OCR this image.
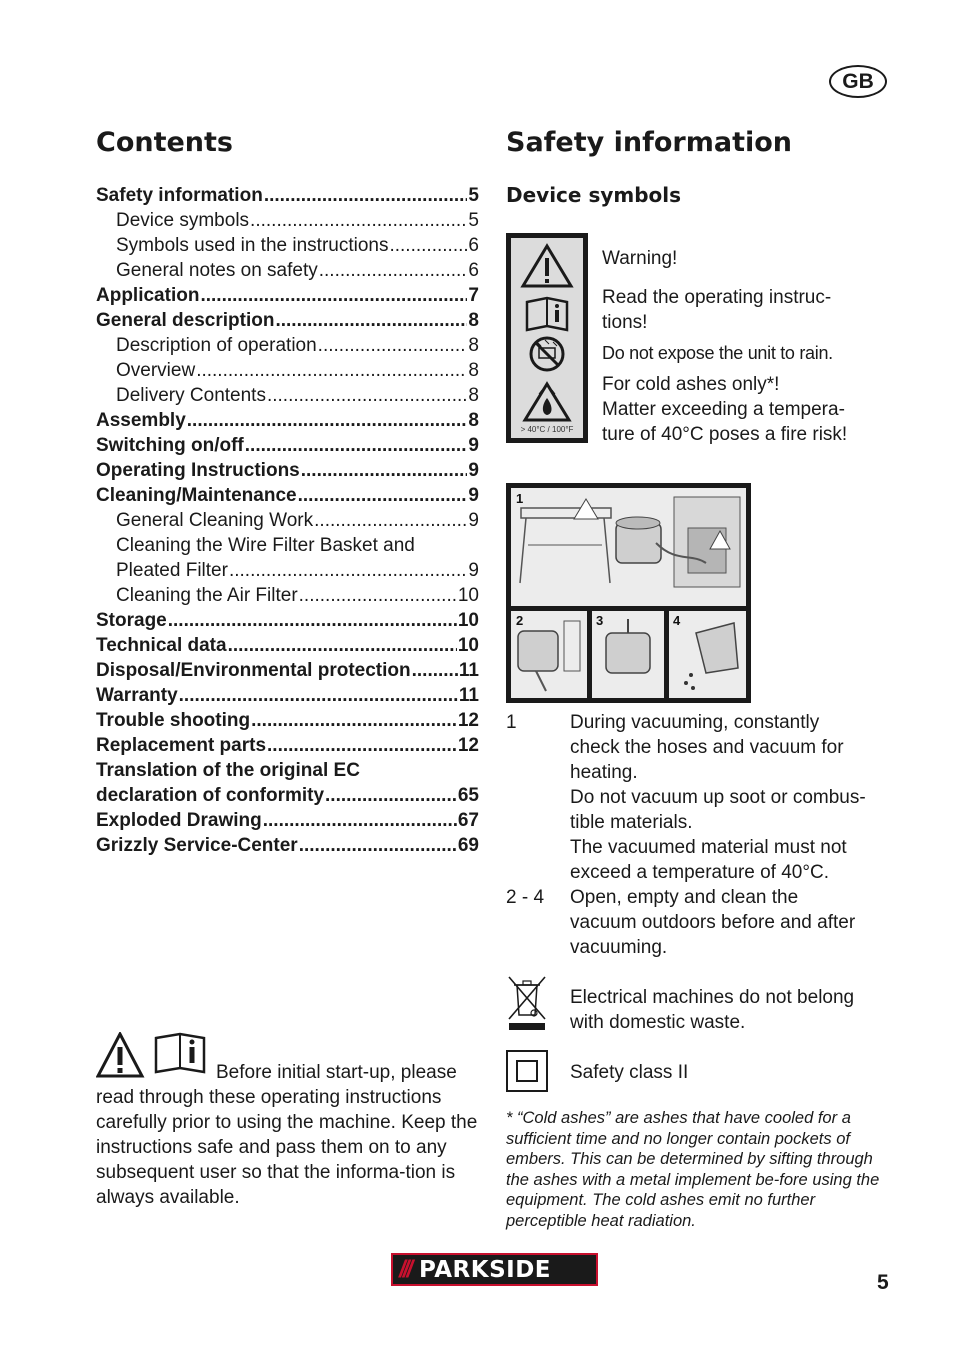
GB
Contents	Safety information
Device symbols
Safety information .....	5
Device symbols .....	5
Symbols used in the instructions .....	6
General notes on safety .....	6
Application .....	7
General description .....	8
Description of operation .....	8
Overview .....	8
Delivery Contents .....	8
Assembly .....	8
Switching on/off .....	9
Operating Instructions .....	9
Cleaning/Maintenance .....	9
General Cleaning Work .....	9
Cleaning the Wire Filter Basket and
Pleated Filter .....	9
Cleaning the Air Filter .....	10
Storage .....	10
Technical data .....	10
Disposal/Environmental protection .....	11
Warranty .....	11
Trouble shooting .....	12
Replacement parts .....	12
Translation of the original EC
declaration of conformity .....	65
Exploded Drawing .....	67
Grizzly Service-Center .....	69
> 40°C / 100°F
Warning!
Read the operating instruc-
tions!
Do not expose the unit to rain.
For cold ashes only*!
Matter exceeding a tempera-
ture of 40°C poses a fire risk!
1
2	3	4
1	During vacuuming, constantly
check the hoses and vacuum for
heating.
Do not vacuum up soot or combus-
tible materials.
The vacuumed material must not
exceed a temperature of 40°C.
2 - 4 Open, empty and clean the
vacuum outdoors before and after
vacuuming.
Electrical machines do not belong
with domestic waste.
Safety class II
* “Cold ashes” are ashes that have cooled for a sufficient time and no longer contain pockets of embers. This can be determined by sifting through the ashes with a metal implement be-fore using the equipment. The cold ashes emit no further perceptible heat radiation.
Before initial start-up, please read through these operating instructions carefully prior to using the machine. Keep the instructions safe and pass them on to any subsequent user so that the informa-tion is always available.
/// PARKSIDE	5
